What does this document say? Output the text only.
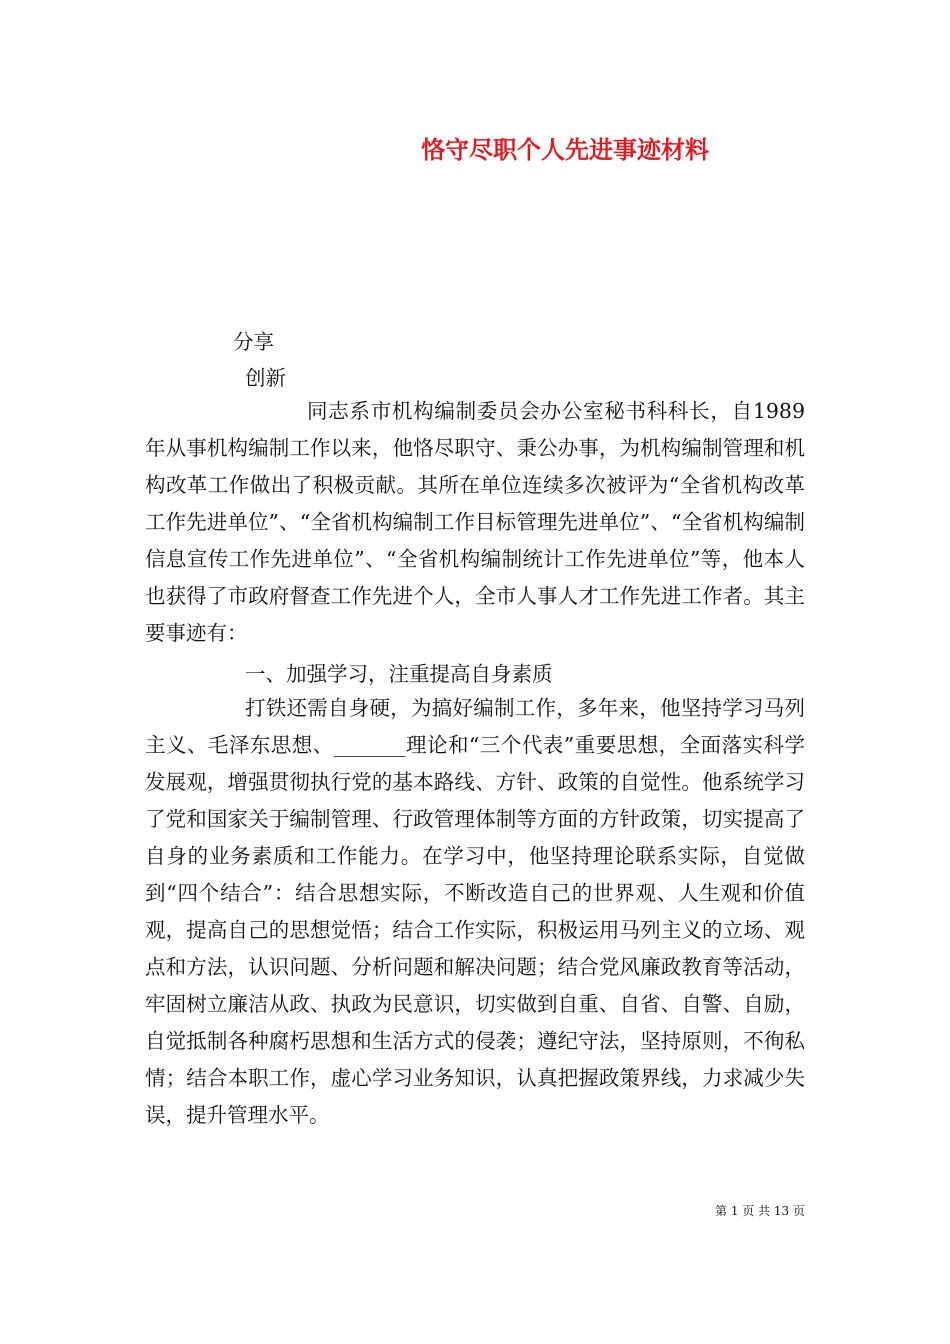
恪守尽职个人先进事迹材料
分享
创新
同志系市机构编制委员会办公室秘书科科长，自1989年从事机构编制工作以来，他恪尽职守、秉公办事，为机构编制管理和机构改革工作做出了积极贡献。其所在单位连续多次被评为“全省机构改革工作先进单位”、“全省机构编制工作目标管理先进单位”、“全省机构编制信息宣传工作先进单位”、“全省机构编制统计工作先进单位”等，他本人也获得了市政府督查工作先进个人，全市人事人才工作先进工作者。其主要事迹有：
一、加强学习，注重提高自身素质
打铁还需自身硬，为搞好编制工作，多年来，他坚持学习马列主义、毛泽东思想、_______理论和“三个代表”重要思想，全面落实科学发展观，增强贯彻执行党的基本路线、方针、政策的自觉性。他系统学习了党和国家关于编制管理、行政管理体制等方面的方针政策，切实提高了自身的业务素质和工作能力。在学习中，他坚持理论联系实际，自觉做到“四个结合”：结合思想实际，不断改造自己的世界观、人生观和价值观，提高自己的思想觉悟；结合工作实际，积极运用马列主义的立场、观点和方法，认识问题、分析问题和解决问题；结合党风廉政教育等活动，牢固树立廉洁从政、执政为民意识，切实做到自重、自省、自警、自励，自觉抵制各种腐朽思想和生活方式的侵袭；遵纪守法，坚持原则，不徇私情；结合本职工作，虚心学习业务知识，认真把握政策界线，力求减少失误，提升管理水平。
第 1 页 共 13 页
